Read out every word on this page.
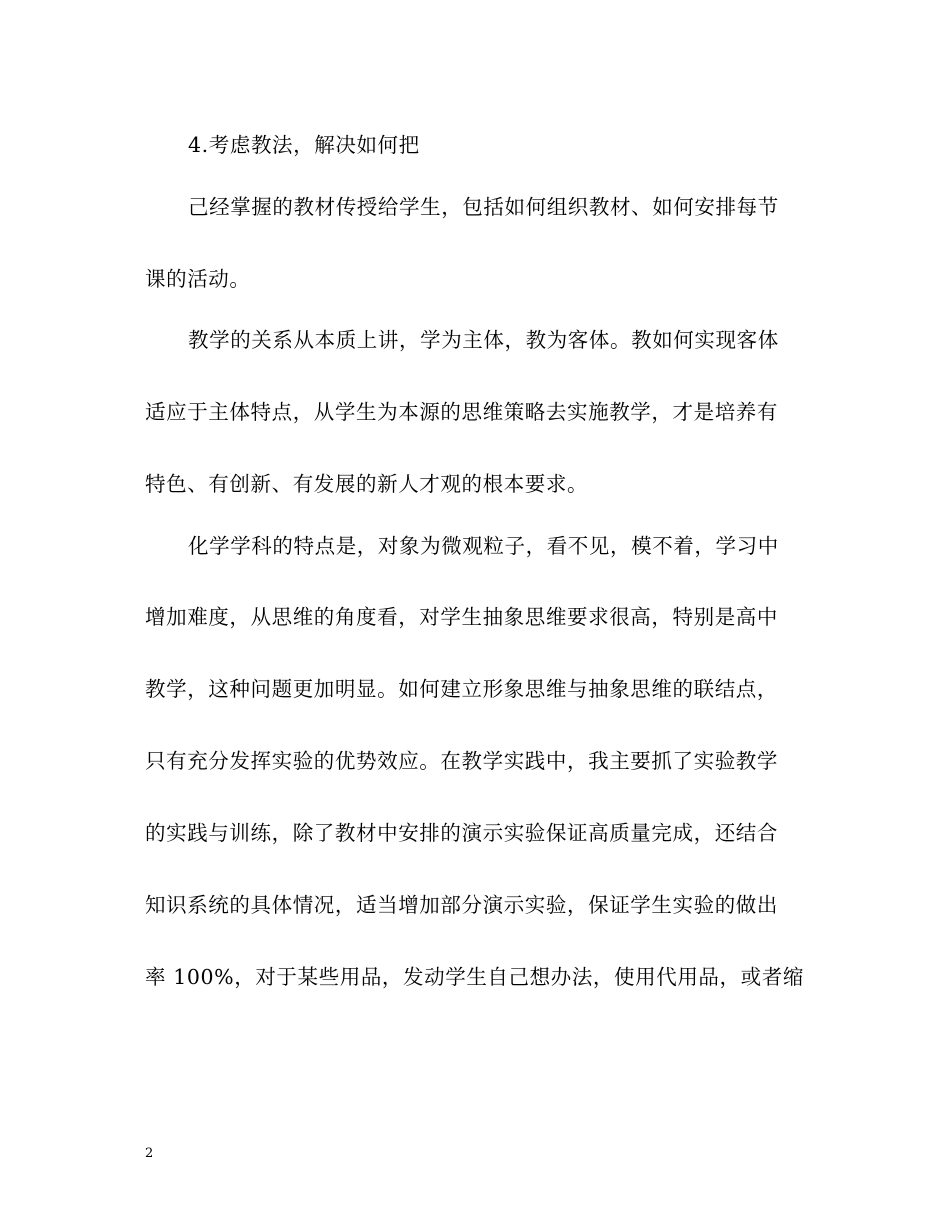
4.考虑教法，解决如何把
己经掌握的教材传授给学生，包括如何组织教材、如何安排每节
课的活动。
教学的关系从本质上讲，学为主体，教为客体。教如何实现客体
适应于主体特点，从学生为本源的思维策略去实施教学，才是培养有
特色、有创新、有发展的新人才观的根本要求。
化学学科的特点是，对象为微观粒子，看不见，模不着，学习中
增加难度，从思维的角度看，对学生抽象思维要求很高，特别是高中
教学，这种问题更加明显。如何建立形象思维与抽象思维的联结点，
只有充分发挥实验的优势效应。在教学实践中，我主要抓了实验教学
的实践与训练，除了教材中安排的演示实验保证高质量完成，还结合
知识系统的具体情况，适当增加部分演示实验，保证学生实验的做出
率 100%，对于某些用品，发动学生自己想办法，使用代用品，或者缩
2
